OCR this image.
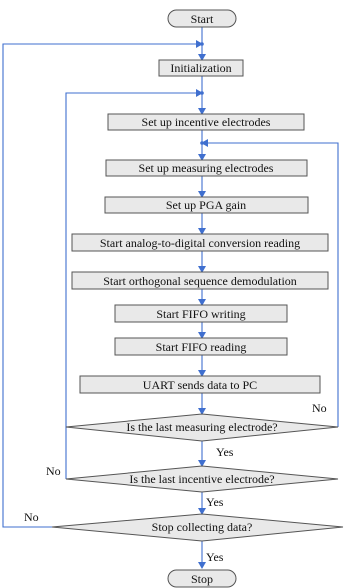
Start
Initialization
Set up incentive electrodes
Set up measuring electrodes
Set up PGA gain
Start analog-to-digital conversion reading
Start orthogonal sequence demodulation
Start FIFO writing
Start FIFO reading
UART sends data to PC
Is the last measuring electrode?
Is the last incentive electrode?
Stop collecting data?
Stop
No
Yes
No
Yes
No
Yes
